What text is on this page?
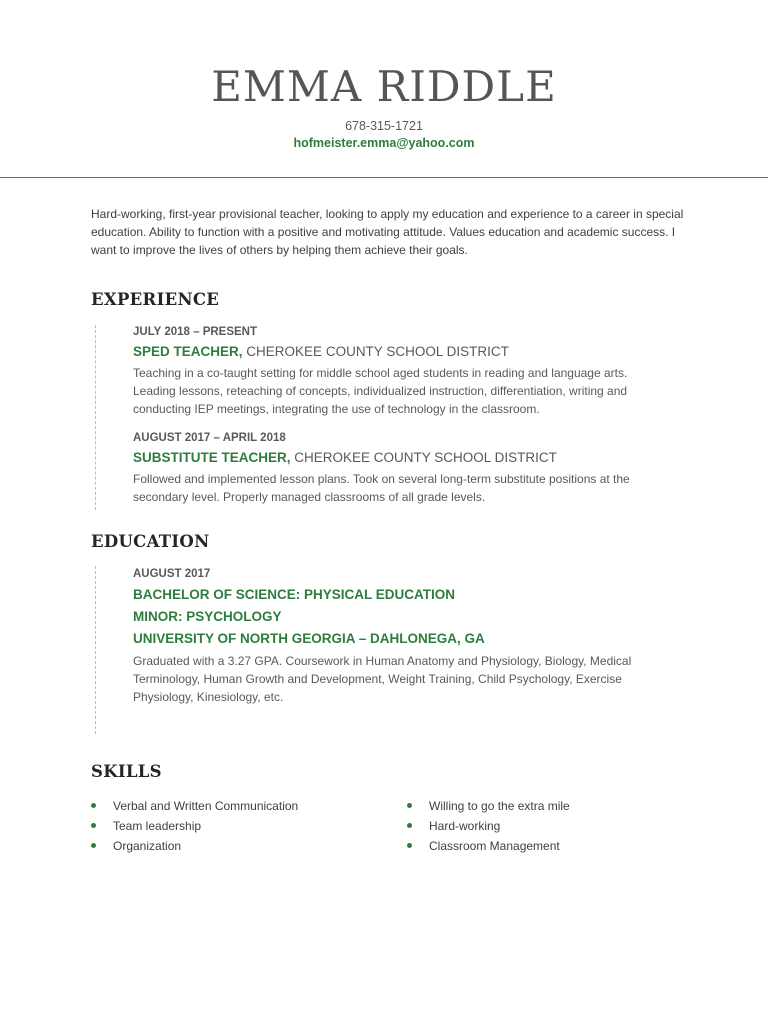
EMMA RIDDLE
678-315-1721
hofmeister.emma@yahoo.com
Hard-working, first-year provisional teacher, looking to apply my education and experience to a career in special education. Ability to function with a positive and motivating attitude. Values education and academic success. I want to improve the lives of others by helping them achieve their goals.
EXPERIENCE
JULY 2018 – PRESENT
SPED TEACHER, CHEROKEE COUNTY SCHOOL DISTRICT
Teaching in a co-taught setting for middle school aged students in reading and language arts. Leading lessons, reteaching of concepts, individualized instruction, differentiation, writing and conducting IEP meetings, integrating the use of technology in the classroom.
AUGUST 2017 – APRIL 2018
SUBSTITUTE TEACHER, CHEROKEE COUNTY SCHOOL DISTRICT
Followed and implemented lesson plans. Took on several long-term substitute positions at the secondary level. Properly managed classrooms of all grade levels.
EDUCATION
AUGUST 2017
BACHELOR OF SCIENCE: PHYSICAL EDUCATION
MINOR: PSYCHOLOGY
UNIVERSITY OF NORTH GEORGIA – DAHLONEGA, GA
Graduated with a 3.27 GPA. Coursework in Human Anatomy and Physiology, Biology, Medical Terminology, Human Growth and Development, Weight Training, Child Psychology, Exercise Physiology, Kinesiology, etc.
SKILLS
Verbal and Written Communication
Team leadership
Organization
Willing to go the extra mile
Hard-working
Classroom Management
